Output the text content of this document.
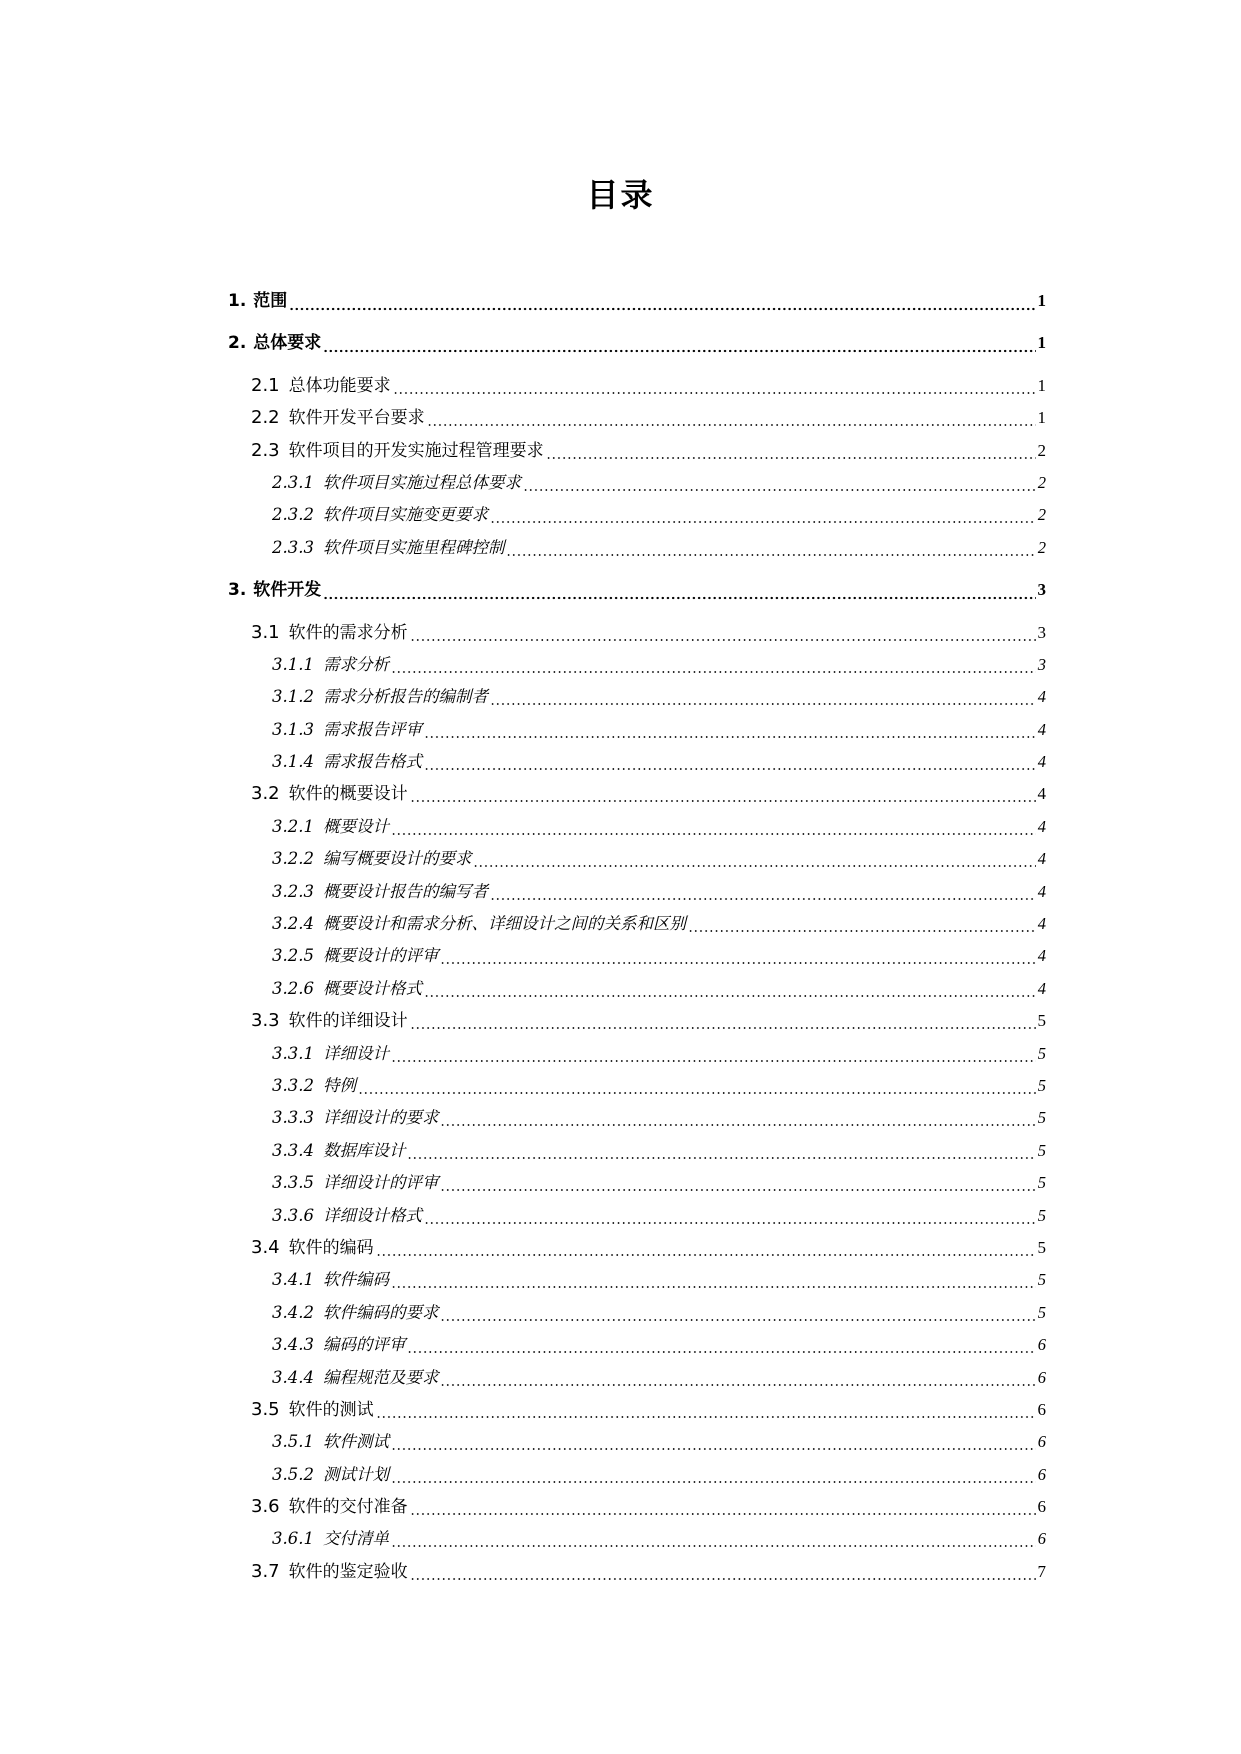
目录
1. 范围	1
2. 总体要求	1
2.1 总体功能要求	1
2.2 软件开发平台要求	1
2.3 软件项目的开发实施过程管理要求	2
2.3.1 软件项目实施过程总体要求	2
2.3.2 软件项目实施变更要求	2
2.3.3 软件项目实施里程碑控制	2
3. 软件开发	3
3.1 软件的需求分析	3
3.1.1 需求分析	3
3.1.2 需求分析报告的编制者	4
3.1.3 需求报告评审	4
3.1.4 需求报告格式	4
3.2 软件的概要设计	4
3.2.1 概要设计	4
3.2.2 编写概要设计的要求	4
3.2.3 概要设计报告的编写者	4
3.2.4 概要设计和需求分析、详细设计之间的关系和区别	4
3.2.5 概要设计的评审	4
3.2.6 概要设计格式	4
3.3 软件的详细设计	5
3.3.1 详细设计	5
3.3.2 特例	5
3.3.3 详细设计的要求	5
3.3.4 数据库设计	5
3.3.5 详细设计的评审	5
3.3.6 详细设计格式	5
3.4 软件的编码	5
3.4.1 软件编码	5
3.4.2 软件编码的要求	5
3.4.3 编码的评审	6
3.4.4 编程规范及要求	6
3.5 软件的测试	6
3.5.1 软件测试	6
3.5.2 测试计划	6
3.6 软件的交付准备	6
3.6.1 交付清单	6
3.7 软件的鉴定验收	7
